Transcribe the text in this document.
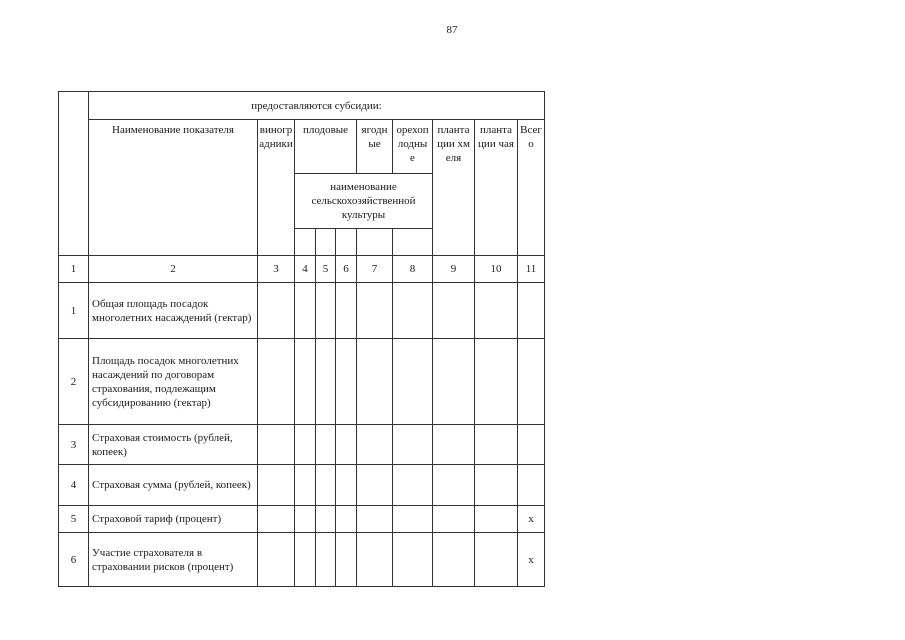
87
	предоставляются субсидии:									
	Наименование показателя	виноградники	плодовые			ягодные	орехоплодные	плантации хмеля	плантации чая	Всего

			наименование сельскохозяйственной культуры							

1	2	3	4	5	6	7	8	9	10	11
1	Общая площадь посадок многолетних насаждений (гектар)									
2	Площадь посадок многолетних насаждений по договорам страхования, подлежащим субсидированию (гектар)									
3	Страховая стоимость (рублей, копеек)									
4	Страховая сумма (рублей, копеек)									
5	Страховой тариф (процент)									х
6	Участие страхователя в страховании рисков (процент)									х
